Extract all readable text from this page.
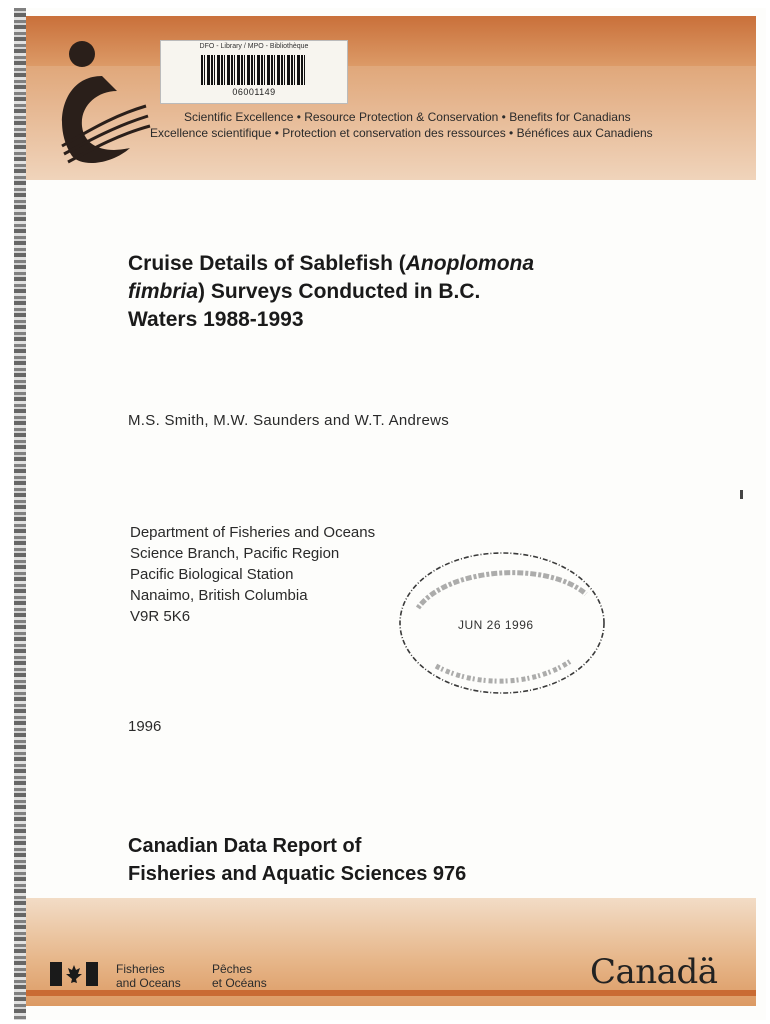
DFO - Library / MPO - Bibliothèque
06001149
Scientific Excellence • Resource Protection & Conservation • Benefits for Canadians
Excellence scientifique • Protection et conservation des ressources • Bénéfices aux Canadiens
Cruise Details of Sablefish (Anoplomona
fimbria) Surveys Conducted in B.C.
Waters 1988-1993
M.S. Smith, M.W. Saunders and W.T. Andrews
Department of Fisheries and Oceans
Science Branch, Pacific Region
Pacific Biological Station
Nanaimo, British Columbia
V9R 5K6	JUN 26 1996
1996
Canadian Data Report of
Fisheries and Aquatic Sciences 976
Fisheries
and Oceans
Pêches
et Océans	Canadä
